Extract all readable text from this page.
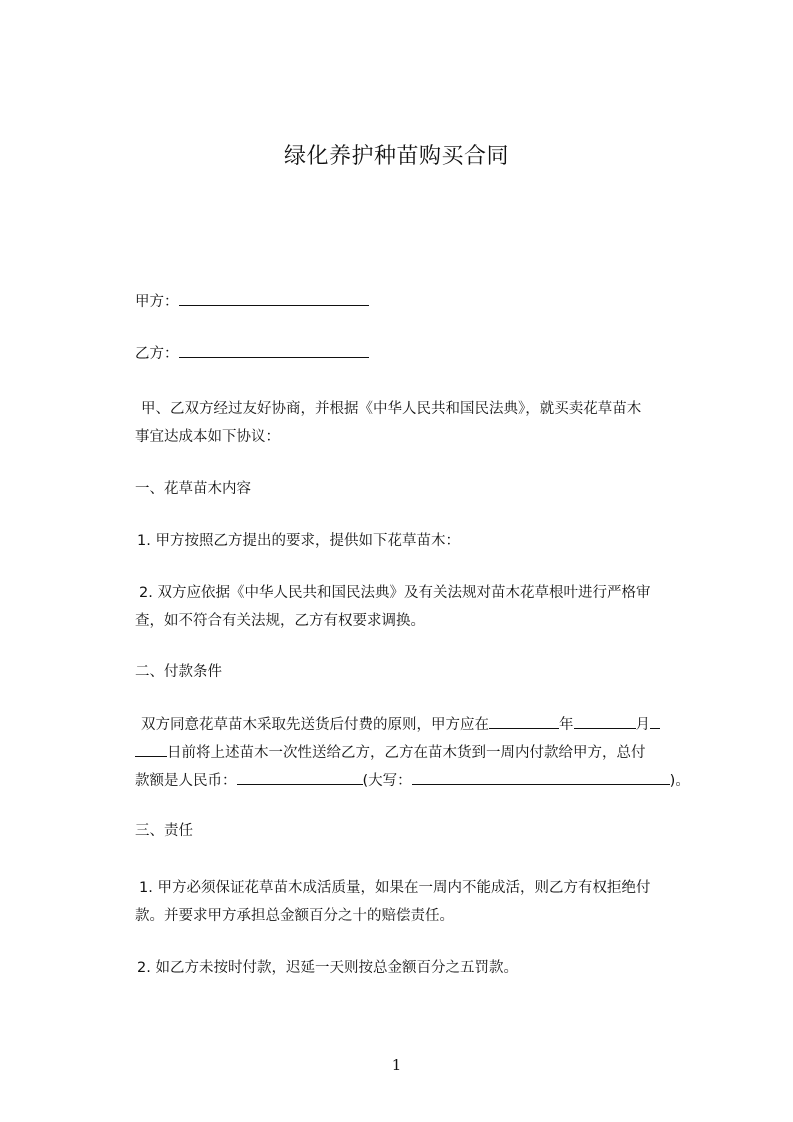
绿化养护种苗购买合同
甲方：
乙方：
甲、乙双方经过友好协商，并根据《中华人民共和国民法典》，就买卖花草苗木
事宜达成本如下协议：
一、花草苗木内容
1. 甲方按照乙方提出的要求，提供如下花草苗木：
2. 双方应依据《中华人民共和国民法典》及有关法规对苗木花草根叶进行严格审
查，如不符合有关法规，乙方有权要求调换。
二、付款条件
双方同意花草苗木采取先送货后付费的原则，甲方应在	年	月
日前将上述苗木一次性送给乙方，乙方在苗木货到一周内付款给甲方，总付
款额是人民币：	(大写：	)。
三、责任
1. 甲方必须保证花草苗木成活质量，如果在一周内不能成活，则乙方有权拒绝付
款。并要求甲方承担总金额百分之十的赔偿责任。
2. 如乙方未按时付款，迟延一天则按总金额百分之五罚款。
1
